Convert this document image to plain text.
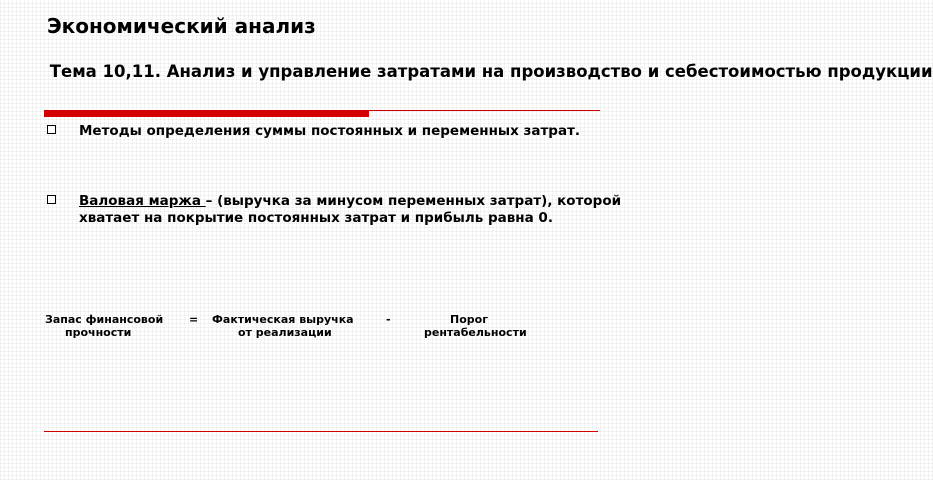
Экономический анализ
Тема 10,11. Анализ и управление затратами на производство и себестоимостью продукции
Методы определения суммы постоянных и переменных затрат.
Валовая маржа – (выручка за минусом переменных затрат), которой хватает на покрытие постоянных затрат и прибыль равна 0.
Запас финансовой = Фактическая выручка	-	Порог
прочности	от реализации	рентабельности
